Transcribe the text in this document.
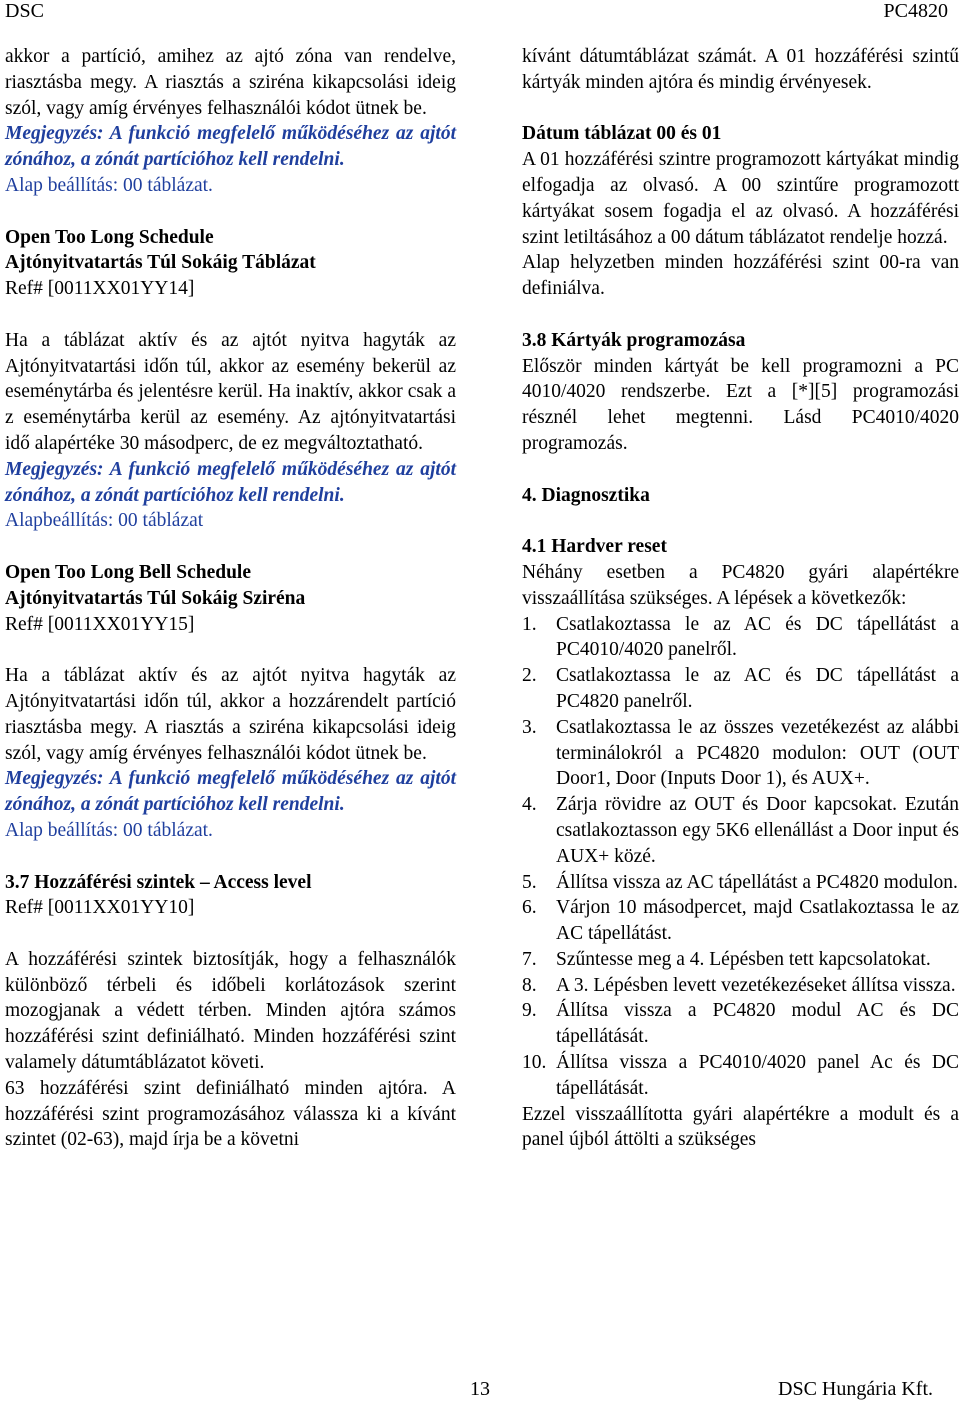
DSC	PC4820

akkor a partíció, amihez az ajtó zóna van rendelve, riasztásba megy. A riasztás a sziréna kikapcsolási ideig szól, vagy amíg érvényes felhasználói kódot ütnek be.

Megjegyzés: A funkció megfelelő működéséhez az ajtót zónához, a zónát partícióhoz kell rendelni.

Alap beállítás: 00 táblázat.

Open Too Long Schedule

Ajtónyitvatartás Túl Sokáig Táblázat

Ref# [0011XX01YY14]

Ha a táblázat aktív és az ajtót nyitva hagyták az Ajtónyitvatartási időn túl, akkor az esemény bekerül az eseménytárba és jelentésre kerül. Ha inaktív, akkor csak a z eseménytárba kerül az esemény. Az ajtónyitvatartási idő alapértéke 30 másodperc, de ez megváltoztatható.

Megjegyzés: A funkció megfelelő működéséhez az ajtót zónához, a zónát partícióhoz kell rendelni.

Alapbeállítás: 00 táblázat

Open Too Long Bell Schedule

Ajtónyitvatartás Túl Sokáig Sziréna

Ref# [0011XX01YY15]

Ha a táblázat aktív és az ajtót nyitva hagyták az Ajtónyitvatartási időn túl, akkor a hozzárendelt partíció riasztásba megy. A riasztás a sziréna kikapcsolási ideig szól, vagy amíg érvényes felhasználói kódot ütnek be.

Megjegyzés: A funkció megfelelő működéséhez az ajtót zónához, a zónát partícióhoz kell rendelni.

Alap beállítás: 00 táblázat.

3.7 Hozzáférési szintek – Access level

Ref# [0011XX01YY10]

A hozzáférési szintek biztosítják, hogy a felhasználók különböző térbeli és időbeli korlátozások szerint mozogjanak a védett térben. Minden ajtóra számos hozzáférési szint definiálható. Minden hozzáférési szint valamely dátumtáblázatot követi.

63 hozzáférési szint definiálható minden ajtóra. A hozzáférési szint programozásához válassza ki a kívánt szintet (02-63), majd írja be a követni

kívánt dátumtáblázat számát. A 01 hozzáférési szintű kártyák minden ajtóra és mindig érvényesek.

Dátum táblázat 00 és 01

A 01 hozzáférési szintre programozott kártyákat mindig elfogadja az olvasó. A 00 szintűre programozott kártyákat sosem fogadja el az olvasó. A hozzáférési szint letiltásához a 00 dátum táblázatot rendelje hozzá.

Alap helyzetben minden hozzáférési szint 00-ra van definiálva.

3.8 Kártyák programozása

Először minden kártyát be kell programozni a PC 4010/4020 rendszerbe. Ezt a [*][5] programozási résznél lehet megtenni. Lásd PC4010/4020 programozás.

4. Diagnosztika

4.1 Hardver reset

Néhány esetben a PC4820 gyári alapértékre visszaállítása szükséges. A lépések a következők:

1. Csatlakoztassa le az AC és DC tápellátást a PC4010/4020 panelről.
2. Csatlakoztassa le az AC és DC tápellátást a PC4820 panelről.
3. Csatlakoztassa le az összes vezetékezést az alábbi terminálokról a PC4820 modulon: OUT (OUT Door1, Door (Inputs Door 1), és AUX+.
4. Zárja rövidre az OUT és Door kapcsokat. Ezután csatlakoztasson egy 5K6 ellenállást a Door input és AUX+ közé.
5. Állítsa vissza az AC tápellátást a PC4820 modulon.
6. Várjon 10 másodpercet, majd Csatlakoztassa le az AC tápellátást.
7. Szűntesse meg a 4. Lépésben tett kapcsolatokat.
8. A 3. Lépésben levett vezetékezéseket állítsa vissza.
9. Állítsa vissza a PC4820 modul AC és DC tápellátását.
10. Állítsa vissza a PC4010/4020 panel Ac és DC tápellátását.

Ezzel visszaállította gyári alapértékre a modult és a panel újból áttölti a szükséges

13	DSC Hungária Kft.
